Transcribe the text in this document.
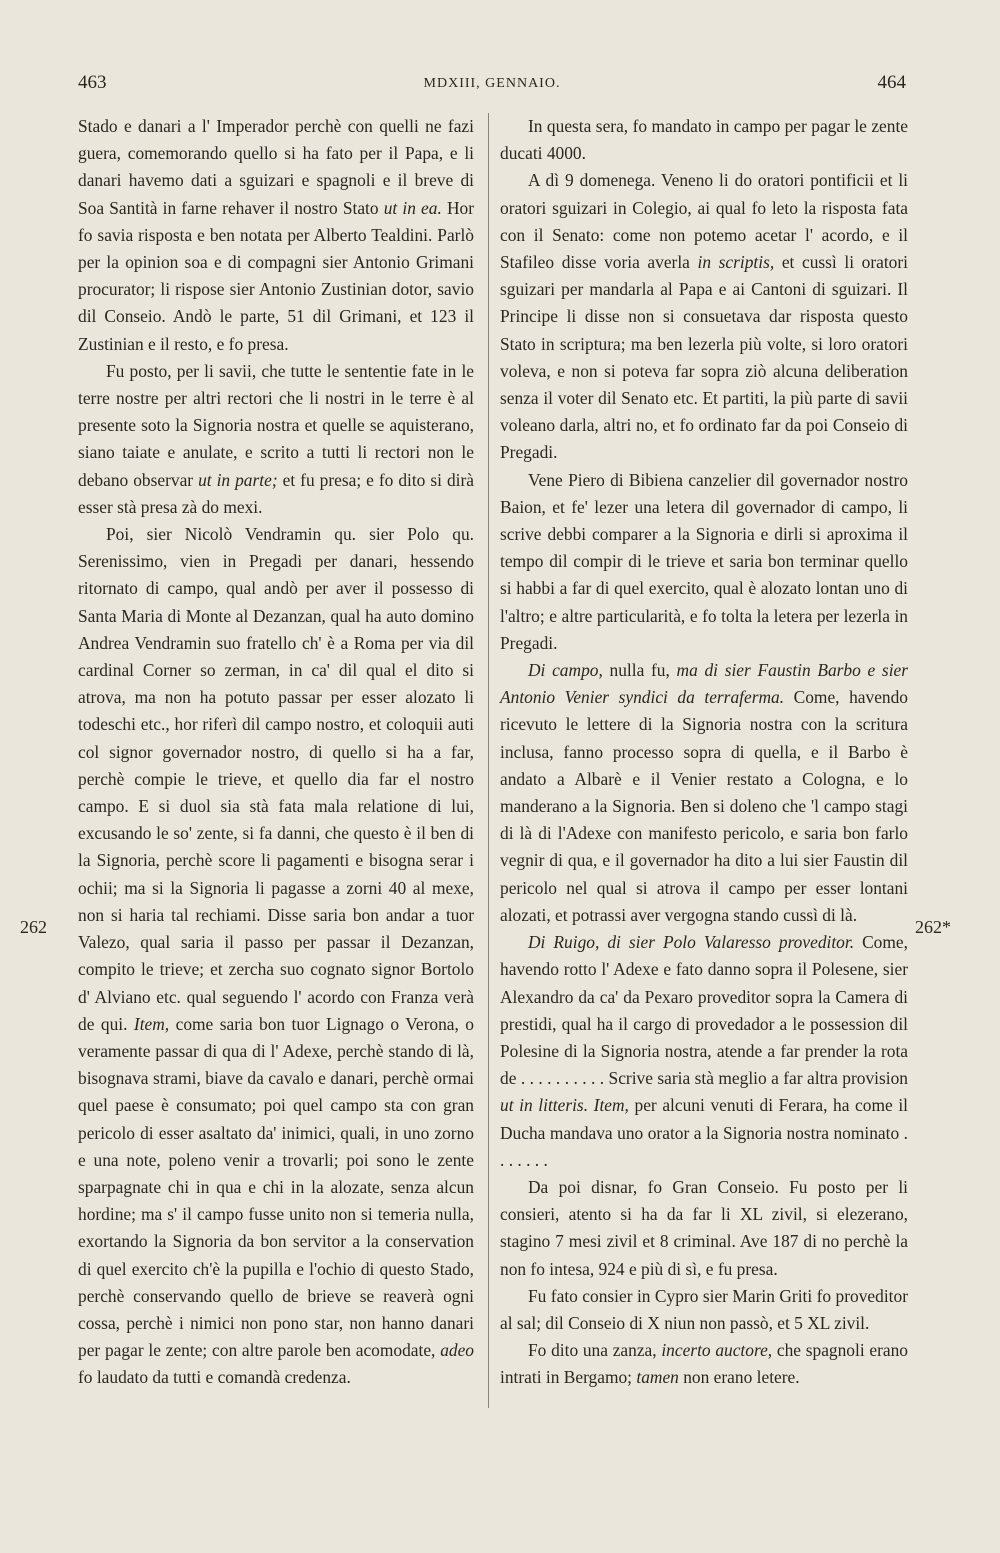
463	MDXIII, GENNAIO.	464
262	262*

Stado e danari a l' Imperador perchè con quelli ne fazi guera, comemorando quello si ha fato per il Papa, e li danari havemo dati a sguizari e spagnoli e il breve di Soa Santità in farne rehaver il nostro Stato ut in ea. Hor fo savia risposta e ben notata per Alberto Tealdini. Parlò per la opinion soa e di compagni sier Antonio Grimani procurator; li rispose sier Antonio Zustinian dotor, savio dil Conseio. Andò le parte, 51 dil Grimani, et 123 il Zustinian e il resto, e fo presa.

Fu posto, per li savii, che tutte le sententie fate in le terre nostre per altri rectori che li nostri in le terre è al presente soto la Signoria nostra et quelle se aquisterano, siano taiate e anulate, e scrito a tutti li rectori non le debano observar ut in parte; et fu presa; e fo dito si dirà esser stà presa zà do mexi.

Poi, sier Nicolò Vendramin qu. sier Polo qu. Serenissimo, vien in Pregadi per danari, hessendo ritornato di campo, qual andò per aver il possesso di Santa Maria di Monte al Dezanzan, qual ha auto domino Andrea Vendramin suo fratello ch' è a Roma per via dil cardinal Corner so zerman, in ca' dil qual el dito si atrova, ma non ha potuto passar per esser alozato li todeschi etc., hor riferì dil campo nostro, et coloquii auti col signor governador nostro, di quello si ha a far, perchè compie le trieve, et quello dia far el nostro campo. E si duol sia stà fata mala relatione di lui, excusando le so' zente, si fa danni, che questo è il ben di la Signoria, perchè score li pagamenti e bisogna serar i ochii; ma si la Signoria li pagasse a zorni 40 al mexe, non si haria tal rechiami. Disse saria bon andar a tuor Valezo, qual saria il passo per passar il Dezanzan, compito le trieve; et zercha suo cognato signor Bortolo d' Alviano etc. qual seguendo l' acordo con Franza verà de qui. Item, come saria bon tuor Lignago o Verona, o veramente passar di qua di l' Adexe, perchè stando di là, bisognava strami, biave da cavalo e danari, perchè ormai quel paese è consumato; poi quel campo sta con gran pericolo di esser asaltato da' inimici, quali, in uno zorno e una note, poleno venir a trovarli; poi sono le zente sparpagnate chi in qua e chi in la alozate, senza alcun hordine; ma s' il campo fusse unito non si temeria nulla, exortando la Signoria da bon servitor a la conservation di quel exercito ch'è la pupilla e l'ochio di questo Stado, perchè conservando quello de brieve se reaverà ogni cossa, perchè i nimici non pono star, non hanno danari per pagar le zente; con altre parole ben acomodate, adeo fo laudato da tutti e comandà credenza.

In questa sera, fo mandato in campo per pagar le zente ducati 4000.

A dì 9 domenega. Veneno li do oratori pontificii et li oratori sguizari in Colegio, ai qual fo leto la risposta fata con il Senato: come non potemo acetar l' acordo, e il Stafileo disse voria averla in scriptis, et cussì li oratori sguizari per mandarla al Papa e ai Cantoni di sguizari. Il Principe li disse non si consuetava dar risposta questo Stato in scriptura; ma ben lezerla più volte, si loro oratori voleva, e non si poteva far sopra ziò alcuna deliberation senza il voter dil Senato etc. Et partiti, la più parte di savii voleano darla, altri no, et fo ordinato far da poi Conseio di Pregadi.

Vene Piero di Bibiena canzelier dil governador nostro Baion, et fe' lezer una letera dil governador di campo, li scrive debbi comparer a la Signoria e dirli si aproxima il tempo dil compir di le trieve et saria bon terminar quello si habbi a far di quel exercito, qual è alozato lontan uno di l'altro; e altre particularità, e fo tolta la letera per lezerla in Pregadi.

Di campo, nulla fu, ma di sier Faustin Barbo e sier Antonio Venier syndici da terraferma. Come, havendo ricevuto le lettere di la Signoria nostra con la scritura inclusa, fanno processo sopra di quella, e il Barbo è andato a Albarè e il Venier restato a Cologna, e lo manderano a la Signoria. Ben si doleno che 'l campo stagi di là di l'Adexe con manifesto pericolo, e saria bon farlo vegnir di qua, e il governador ha dito a lui sier Faustin dil pericolo nel qual si atrova il campo per esser lontani alozati, et potrassi aver vergogna stando cussì di là.

Di Ruigo, di sier Polo Valaresso proveditor. Come, havendo rotto l' Adexe e fato danno sopra il Polesene, sier Alexandro da ca' da Pexaro proveditor sopra la Camera di prestidi, qual ha il cargo di provedador a le possession dil Polesine di la Signoria nostra, atende a far prender la rota de . . . . . . . . . . Scrive saria stà meglio a far altra provision ut in litteris. Item, per alcuni venuti di Ferara, ha come il Ducha mandava uno orator a la Signoria nostra nominato . . . . . . .

Da poi disnar, fo Gran Conseio. Fu posto per li consieri, atento si ha da far li XL zivil, si elezerano, stagino 7 mesi zivil et 8 criminal. Ave 187 di no perchè la non fo intesa, 924 e più di sì, e fu presa.

Fu fato consier in Cypro sier Marin Griti fo proveditor al sal; dil Conseio di X niun non passò, et 5 XL zivil.

Fo dito una zanza, incerto auctore, che spagnoli erano intrati in Bergamo; tamen non erano letere.
